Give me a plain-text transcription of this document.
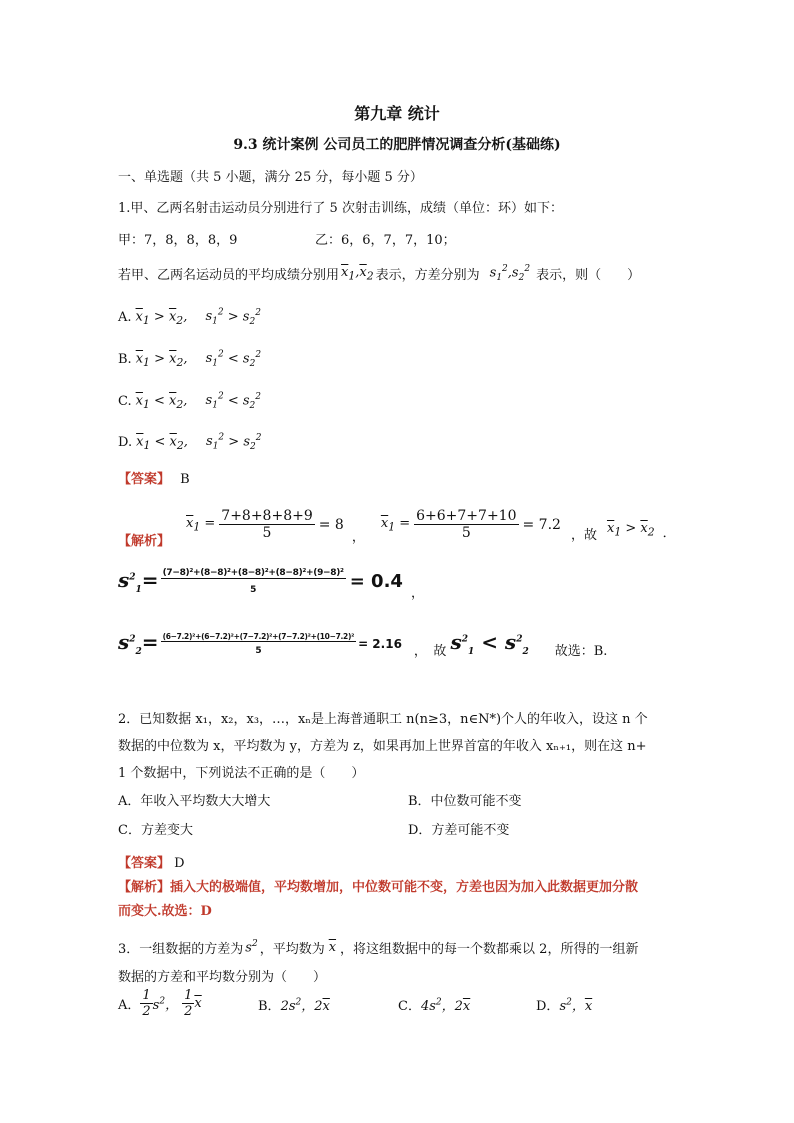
第九章 统计
9.3 统计案例 公司员工的肥胖情况调查分析(基础练)
一、单选题（共 5 小题，满分 25 分，每小题 5 分）
1.甲、乙两名射击运动员分别进行了 5 次射击训练，成绩（单位：环）如下：
甲：7，8，8，8，9	乙：6，6，7，7，10；
若甲、乙两名运动员的平均成绩分别用 $\overline{x}_1,\overline{x}_2$ 表示，方差分别为 $s_1^2,s_2^2$ 表示，则（　　）
A. $\overline{x}_1 > \overline{x}_2$, $s_1^2 > s_2^2$
B. $\overline{x}_1 > \overline{x}_2$, $s_1^2 < s_2^2$
C. $\overline{x}_1 < \overline{x}_2$, $s_1^2 < s_2^2$
D. $\overline{x}_1 < \overline{x}_2$, $s_1^2 > s_2^2$
【答案】 B
【解析】
$\overline{x}_1 = \frac{7+8+8+8+9}{5} = 8$
，
$\overline{x}_1 = \frac{6+6+7+7+10}{5} = 7.2$
，故 $\overline{x}_1 > \overline{x}_2$ ．
$s^2_1= \frac{\text{(7−8)²+(8−8)²+(8−8)²+(8−8)²+(9−8)²}}{5} = 0.4$
，
$s^2_2= \frac{\text{(6−7.2)²+(6−7.2)²+(7−7.2)²+(7−7.2)²+(10−7.2)²}}{5} = 2.16$
，　故 $s^2_1 < s^2_2$ 故选：B.
2．已知数据 x₁，x₂，x₃，…，xₙ是上海普通职工 n(n≥3，n∈N*)个人的年收入，设这 n 个
数据的中位数为 x，平均数为 y，方差为 z，如果再加上世界首富的年收入 xₙ₊₁，则在这 n+
1 个数据中，下列说法不正确的是（　　）
A．年收入平均数大大增大	B．中位数可能不变
C．方差变大	D．方差可能不变
【答案】 D
【解析】插入大的极端值，平均数增加，中位数可能不变，方差也因为加入此数据更加分散
而变大.故选：D
3．一组数据的方差为 $s^2$ ，平均数为 $\overline{x}$ ，将这组数据中的每一个数都乘以 2，所得的一组新
数据的方差和平均数分别为（　　）
A． $\frac{1}{2} s^2$， $\frac{1}{2} \overline{x}$	B． $2s^2$，$2\overline{x}$	C． $4s^2$，$2\overline{x}$	D． $s^2$，$\overline{x}$
